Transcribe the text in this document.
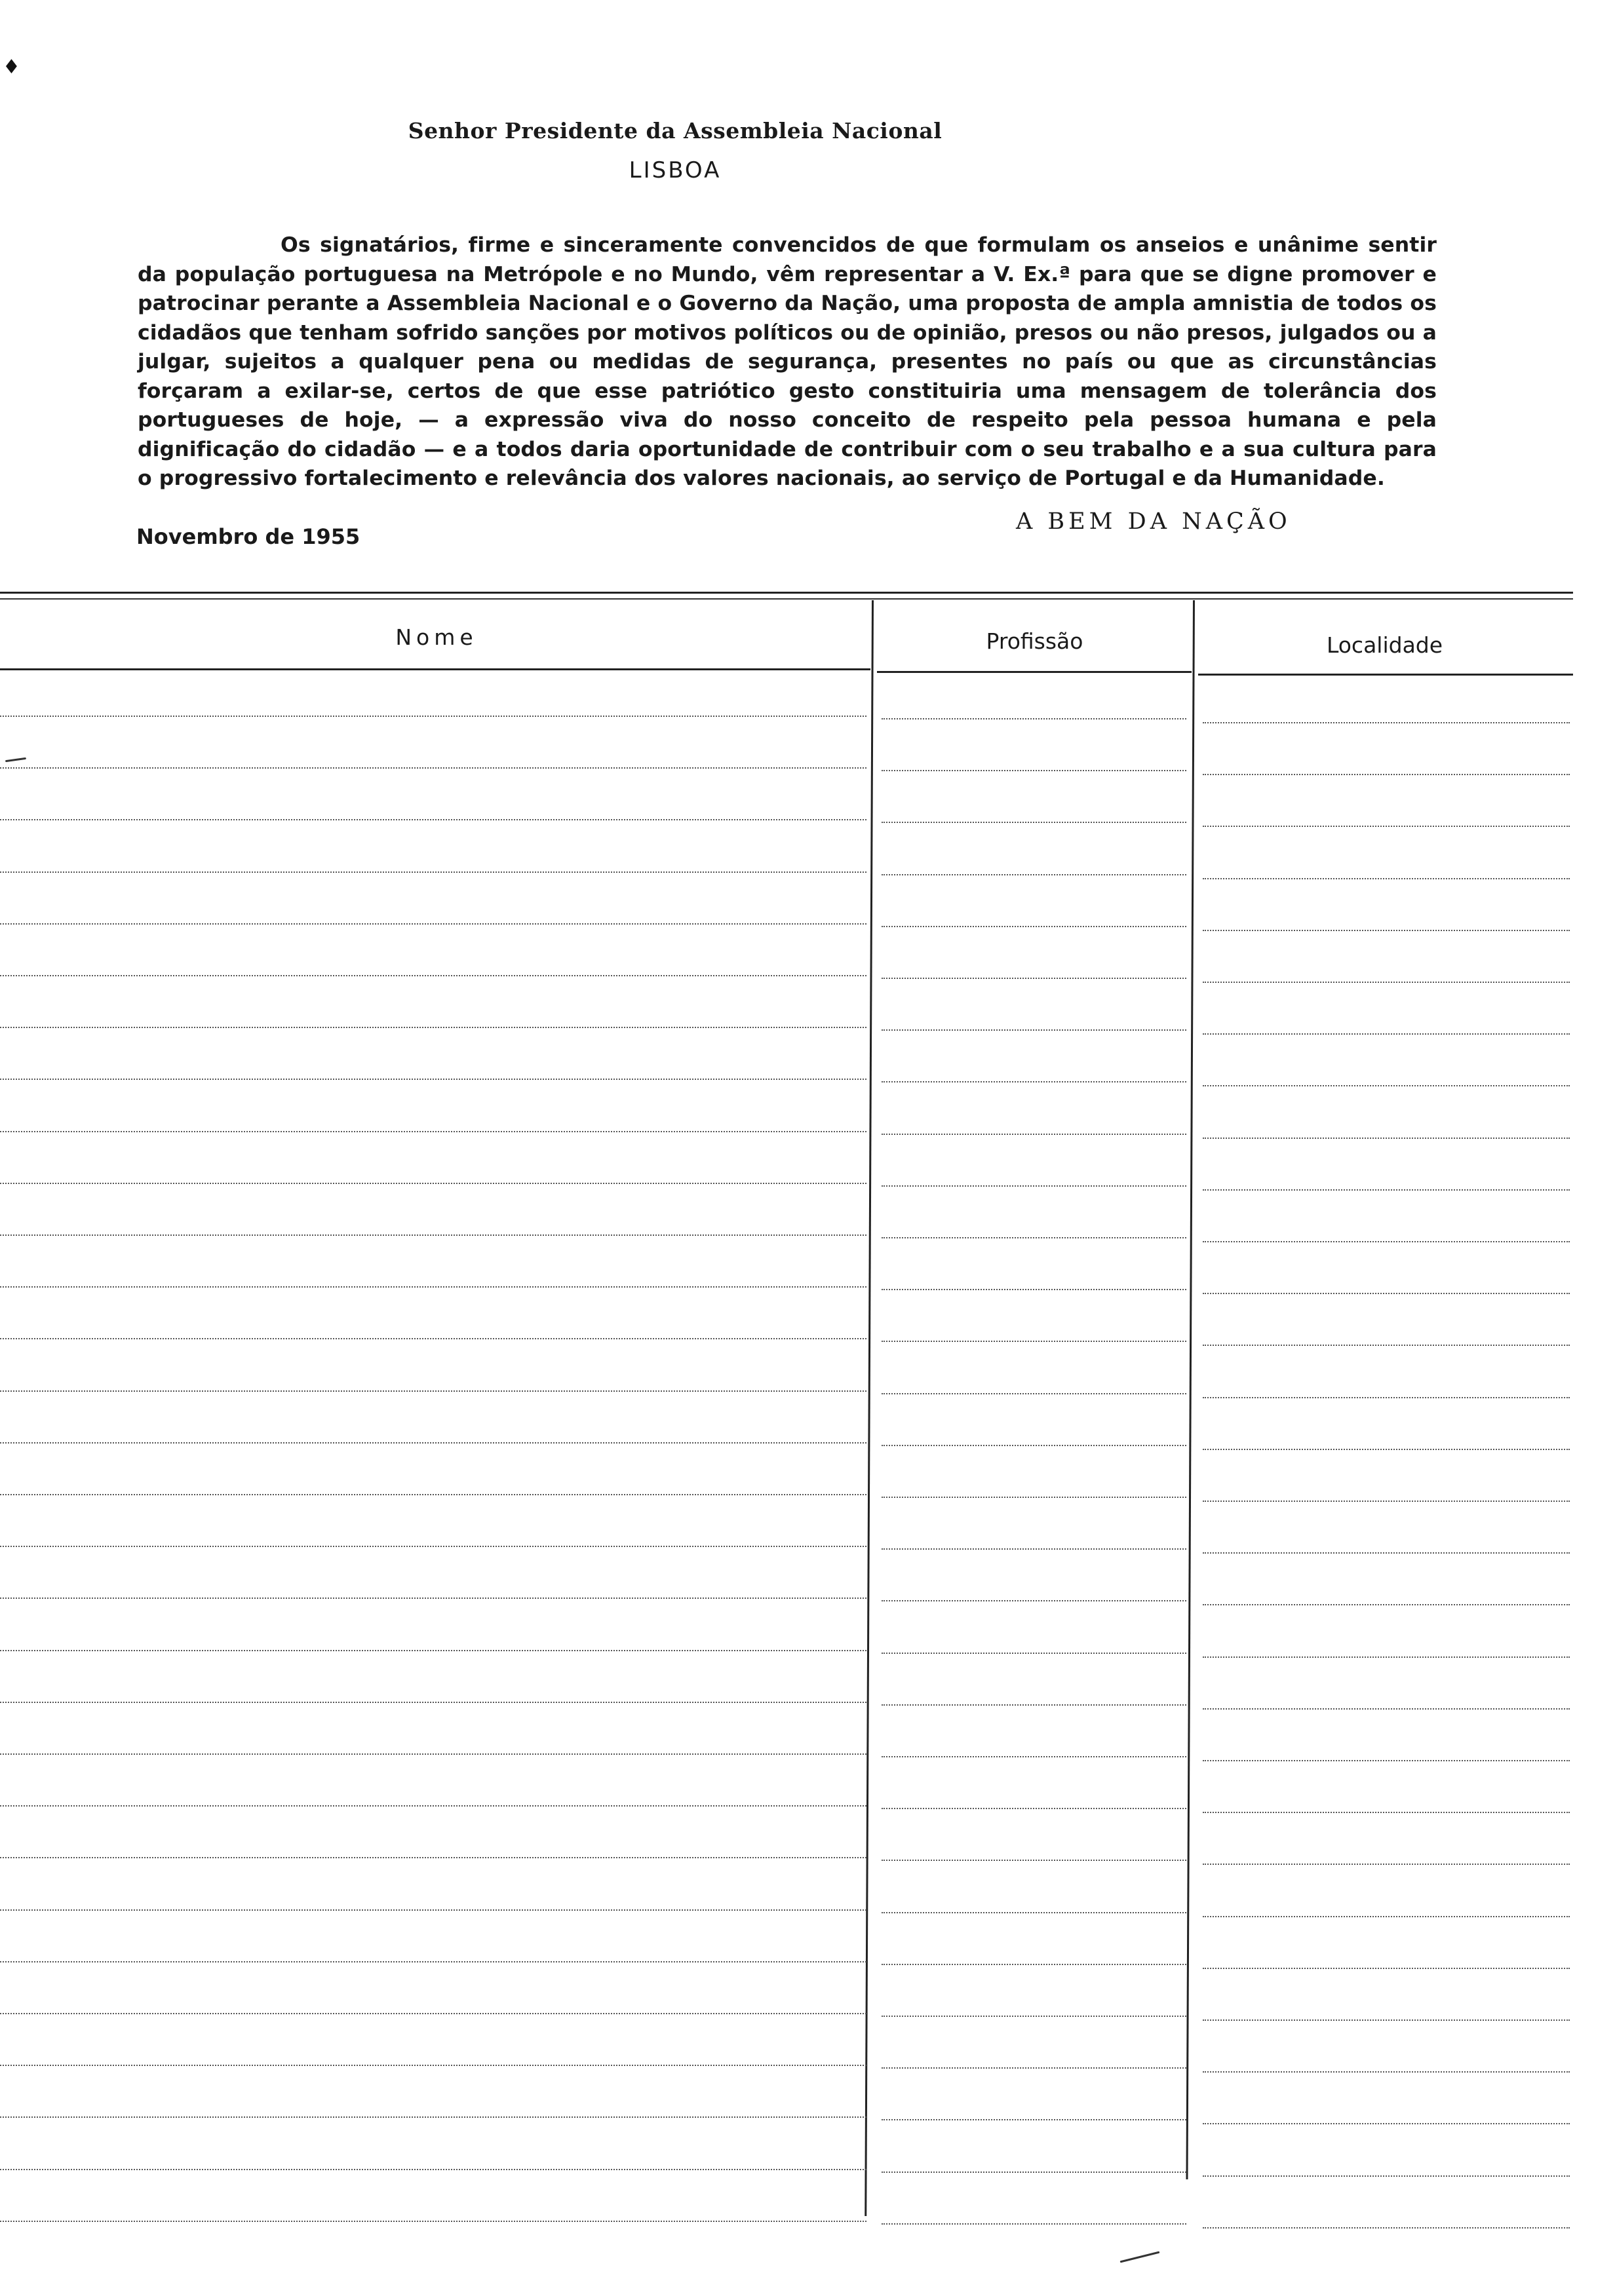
♦
Senhor Presidente da Assembleia Nacional
LISBOA

Os signatários, firme e sinceramente convencidos de que formulam os anseios e unânime sentir da população portuguesa na Metrópole e no Mundo, vêm representar a V. Ex.ª para que se digne promover e patrocinar perante a Assembleia Nacional e o Governo da Nação, uma proposta de ampla amnistia de todos os cidadãos que tenham sofrido sanções por motivos políticos ou de opinião, presos ou não presos, julgados ou a julgar, sujeitos a qualquer pena ou medidas de segurança, presentes no país ou que as circunstâncias forçaram a exilar-se, certos de que esse patriótico gesto constituiria uma mensagem de tolerância dos portugueses de hoje, — a expressão viva do nosso conceito de respeito pela pessoa humana e pela dignificação do cidadão — e a todos daria oportunidade de contribuir com o seu trabalho e a sua cultura para o progressivo fortalecimento e relevância dos valores nacionais, ao serviço de Portugal e da Humanidade.

A BEM DA NAÇÃO
Novembro de 1955
Nome	Profissão	Localidade
